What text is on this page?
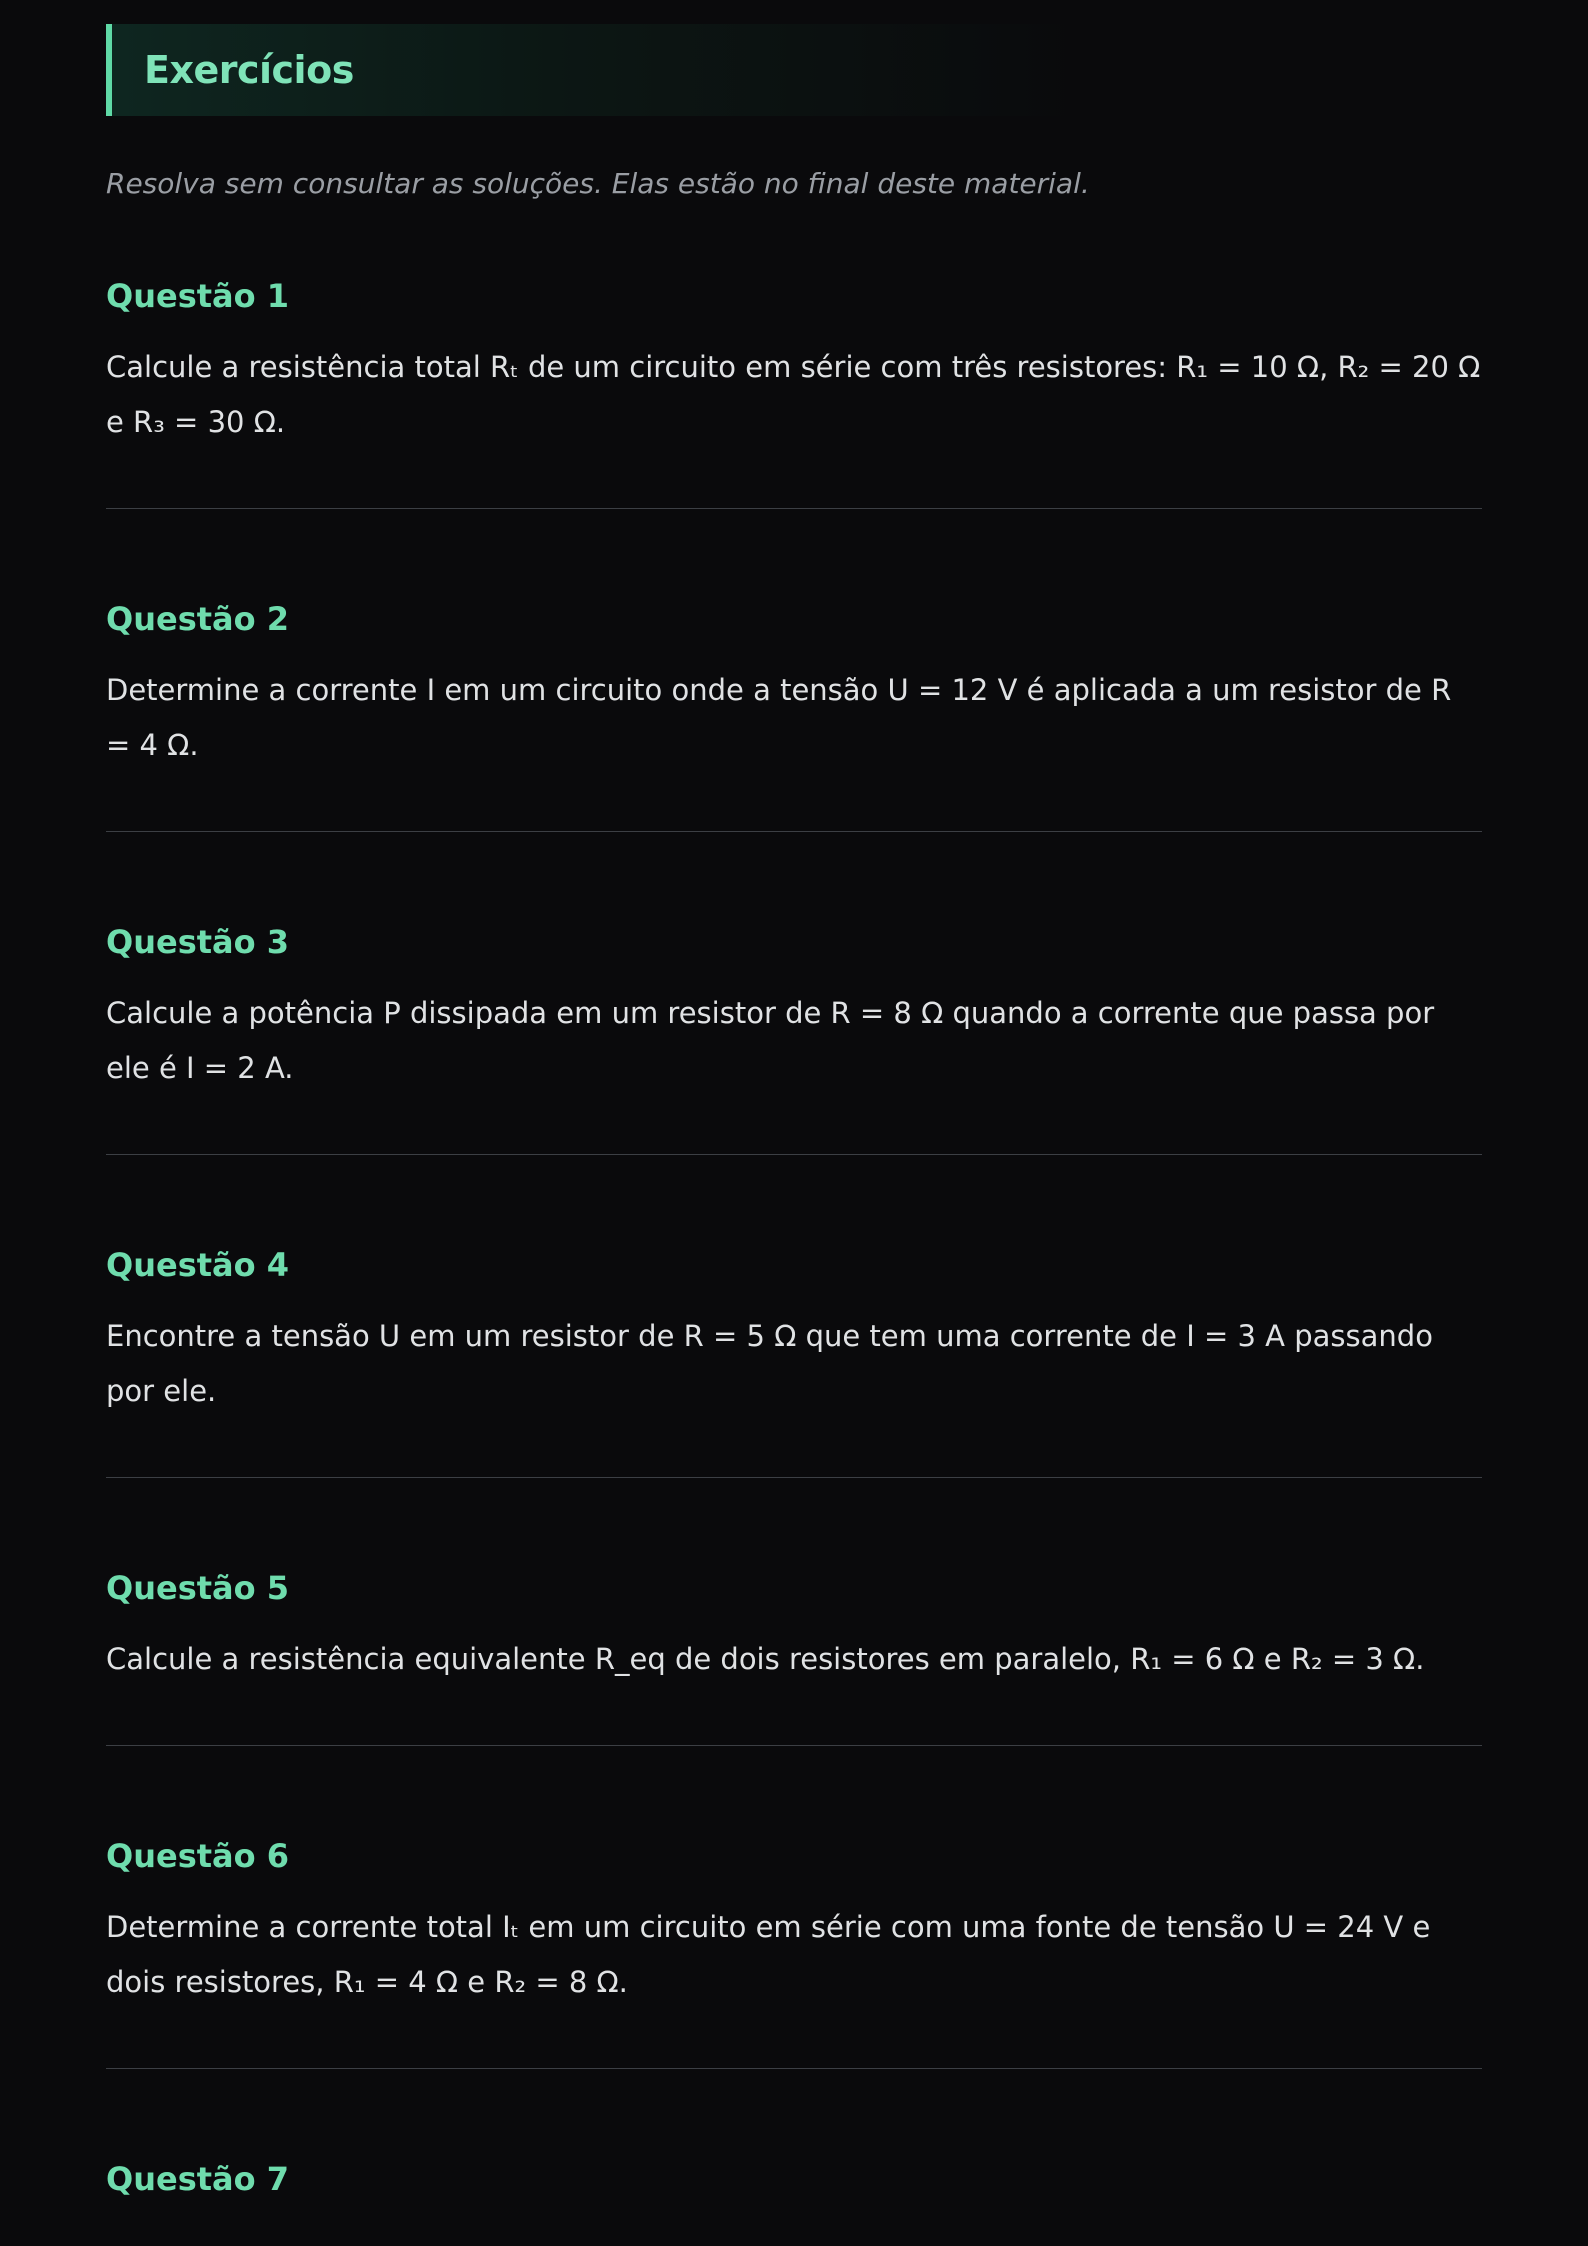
Exercícios

Resolva sem consultar as soluções. Elas estão no final deste material.

Questão 1

Calcule a resistência total Rₜ de um circuito em série com três resistores: R₁ = 10 Ω, R₂ = 20 Ω e R₃ = 30 Ω.

Questão 2

Determine a corrente I em um circuito onde a tensão U = 12 V é aplicada a um resistor de R = 4 Ω.

Questão 3

Calcule a potência P dissipada em um resistor de R = 8 Ω quando a corrente que passa por ele é I = 2 A.

Questão 4

Encontre a tensão U em um resistor de R = 5 Ω que tem uma corrente de I = 3 A passando por ele.

Questão 5

Calcule a resistência equivalente R_eq de dois resistores em paralelo, R₁ = 6 Ω e R₂ = 3 Ω.

Questão 6

Determine a corrente total Iₜ em um circuito em série com uma fonte de tensão U = 24 V e dois resistores, R₁ = 4 Ω e R₂ = 8 Ω.

Questão 7
